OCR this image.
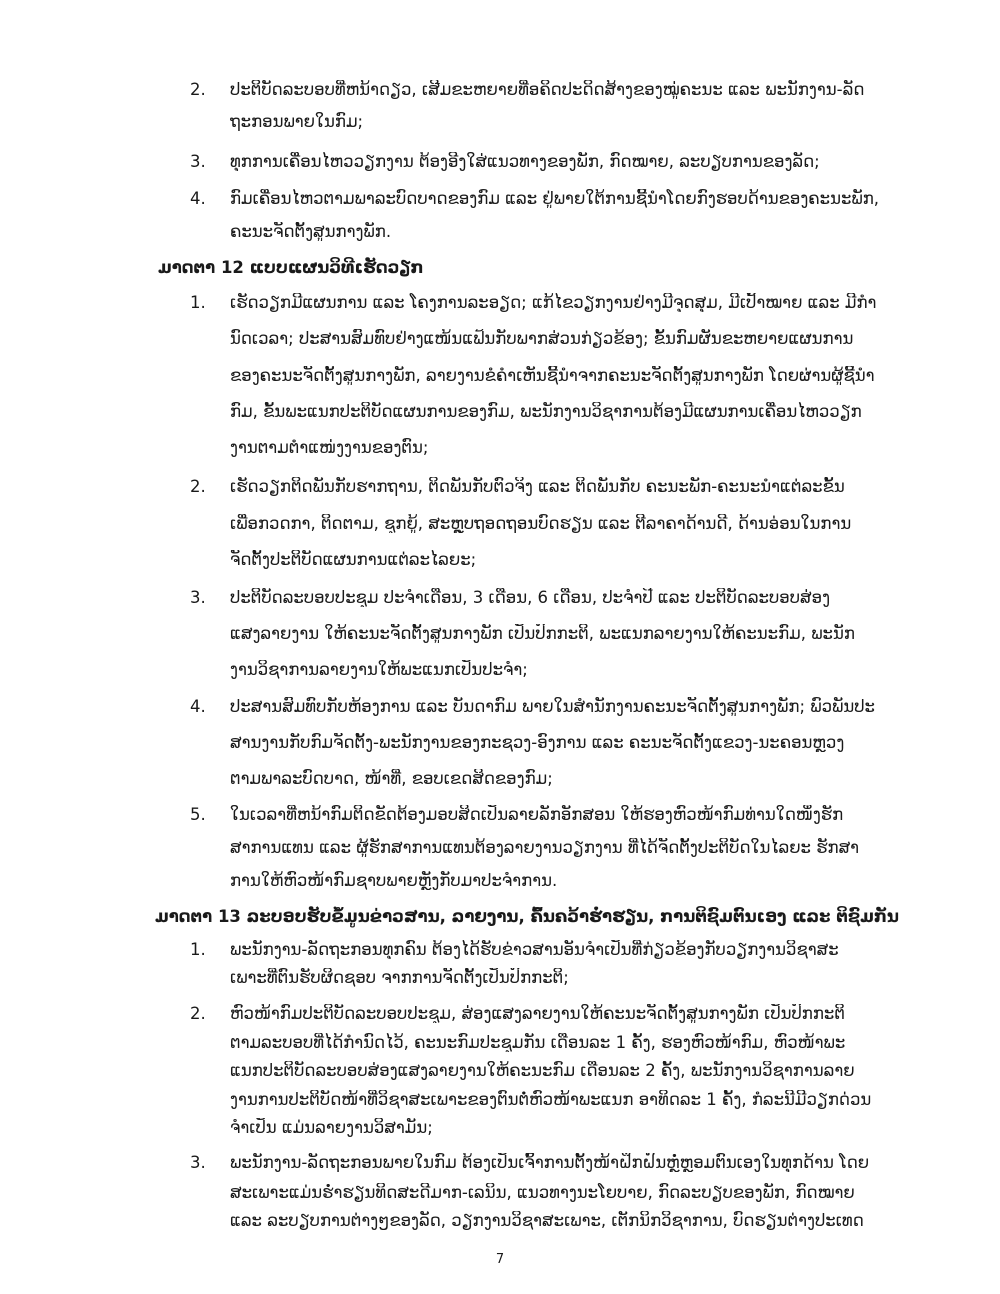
2.	ປະຕິບັດລະບອບທີ່ຫນ້າດຽວ, ເສີມຂະຫຍາຍທີ່ອຄິດປະດິດສ້າງຂອງໝູ່ຄະນະ ແລະ ພະນັກງານ-ລັດ
ຖະກອນພາຍໃນກົມ;
3.	ທຸກການເຄື່ອນໄຫວວຽກງານ ຕ້ອງອີງໃສ່ແນວທາງຂອງພັກ, ກົດໝາຍ, ລະບຽບການຂອງລັດ;
4.	ກົມເຄື່ອນໄຫວຕາມພາລະບົດບາດຂອງກົມ ແລະ ຢູ່ພາຍໃຕ້ການຊີ້ນໍາໂດຍກົງຮອບດ້ານຂອງຄະນະພັກ,
ຄະນະຈັດຕັ້ງສູນກາງພັກ.
ມາດຕາ 12 ແບບແຜນວິທີເຮັດວຽກ
1.	ເຮັດວຽກມີແຜນການ ແລະ ໂຄງການລະອຽດ; ແກ້ໄຂວຽກງານຢ່າງມີຈຸດສຸມ, ມີເປົ້າໝາຍ ແລະ ມີກໍາ
ນົດເວລາ; ປະສານສົມທົບຢ່າງແໜ້ນແຟ້ນກັບພາກສ່ວນກ່ຽວຂ້ອງ; ຂັ້ນກົມຜັນຂະຫຍາຍແຜນການ
ຂອງຄະນະຈັດຕັ້ງສູນກາງພັກ, ລາຍງານຂໍຄໍາເຫັນຊີ້ນໍາຈາກຄະນະຈັດຕັ້ງສູນກາງພັກ ໂດຍຜ່ານຜູ້ຊີ້ນໍາ
ກົມ, ຂັ້ນພະແນກປະຕິບັດແຜນການຂອງກົມ, ພະນັກງານວິຊາການຕ້ອງມີແຜນການເຄື່ອນໄຫວວຽກ
ງານຕາມຕໍາແໜ່ງງານຂອງຕົນ;
2.	ເຮັດວຽກຕິດພັນກັບຮາກຖານ, ຕິດພັນກັບຕົວຈິງ ແລະ ຕິດພັນກັບ ຄະນະພັກ-ຄະນະນໍາແຕ່ລະຂັ້ນ
ເພື່ອກວດກາ, ຕິດຕາມ, ຊຸກຍູ້, ສະຫຼຸບຖອດຖອນບົດຮຽນ ແລະ ຕີລາຄາດ້ານດີ, ດ້ານອ່ອນໃນການ
ຈັດຕັ້ງປະຕິບັດແຜນການແຕ່ລະໄລຍະ;
3.	ປະຕິບັດລະບອບປະຊຸມ ປະຈໍາເດືອນ, 3 ເດືອນ, 6 ເດືອນ, ປະຈໍາປີ ແລະ ປະຕິບັດລະບອບສ່ອງ
ແສງລາຍງານ ໃຫ້ຄະນະຈັດຕັ້ງສູນກາງພັກ ເປັນປົກກະຕິ, ພະແນກລາຍງານໃຫ້ຄະນະກົມ, ພະນັກ
ງານວິຊາການລາຍງານໃຫ້ພະແນກເປັນປະຈໍາ;
4.	ປະສານສົມທົບກັບຫ້ອງການ ແລະ ບັນດາກົມ ພາຍໃນສໍານັກງານຄະນະຈັດຕັ້ງສູນກາງພັກ; ພົວພັນປະ
ສານງານກັບກົມຈັດຕັ້ງ-ພະນັກງານຂອງກະຊວງ-ອົງການ ແລະ ຄະນະຈັດຕັ້ງແຂວງ-ນະຄອນຫຼວງ
ຕາມພາລະບົດບາດ, ໜ້າທີ່, ຂອບເຂດສິດຂອງກົມ;
5.	ໃນເວລາທີ່ຫນ້າກົມຕິດຂັດຕ້ອງມອບສິດເປັນລາຍລັກອັກສອນ ໃຫ້ຮອງຫົວໜ້າກົມທ່ານໃດໜຶ່ງຮັກ
ສາການແທນ ແລະ ຜູ້ຮັກສາການແທນຕ້ອງລາຍງານວຽກງານ ທີ່ໄດ້ຈັດຕັ້ງປະຕິບັດໃນໄລຍະ ຮັກສາ
ການໃຫ້ຫົວໜ້າກົມຊາບພາຍຫຼັງກັບມາປະຈໍາການ.
ມາດຕາ 13 ລະບອບຮັບຂໍ້ມູນຂ່າວສານ, ລາຍງານ, ຄົ້ນຄວ້າຮໍ່າຮຽນ, ການຕິຊົມຕົນເອງ ແລະ ຕິຊົມກັນ
1.	ພະນັກງານ-ລັດຖະກອນທຸກຄົນ ຕ້ອງໄດ້ຮັບຂ່າວສານອັນຈໍາເປັນທີ່ກ່ຽວຂ້ອງກັບວຽກງານວິຊາສະ
ເພາະທີ່ຕົນຮັບຜິດຊອບ ຈາກການຈັດຕັ້ງເປັນປົກກະຕິ;
2.	ຫົວໜ້າກົມປະຕິບັດລະບອບປະຊຸມ, ສ່ອງແສງລາຍງານໃຫ້ຄະນະຈັດຕັ້ງສູນກາງພັກ ເປັນປົກກະຕິ
ຕາມລະບອບທີ່ໄດ້ກໍານົດໄວ້, ຄະນະກົມປະຊຸມກັນ ເດືອນລະ 1 ຄັ້ງ, ຮອງຫົວໜ້າກົມ, ຫົວໜ້າພະ
ແນກປະຕິບັດລະບອບສ່ອງແສງລາຍງານໃຫ້ຄະນະກົມ ເດືອນລະ 2 ຄັ້ງ, ພະນັກງານວິຊາການລາຍ
ງານການປະຕິບັດໜ້າທີ່ວິຊາສະເພາະຂອງຕົນຕໍ່ຫົວໜ້າພະແນກ ອາທິດລະ 1 ຄັ້ງ, ກໍລະນີມີວຽກດ່ວນ
ຈໍາເປັນ ແມ່ນລາຍງານວິສາມັນ;
3.	ພະນັກງານ-ລັດຖະກອນພາຍໃນກົມ ຕ້ອງເປັນເຈົ້າການຕັ້ງໜ້າຝຶກຝົນຫຼໍ່ຫຼອມຕົນເອງໃນທຸກດ້ານ ໂດຍ
ສະເພາະແມ່ນຮໍ່າຮຽນທິດສະດີມາກ-ເລນິນ, ແນວທາງນະໂຍບາຍ, ກົດລະບຽບຂອງພັກ, ກົດໝາຍ
ແລະ ລະບຽບການຕ່າງໆຂອງລັດ, ວຽກງານວິຊາສະເພາະ, ເຕັກນິກວິຊາການ, ບົດຮຽນຕ່າງປະເທດ
7
